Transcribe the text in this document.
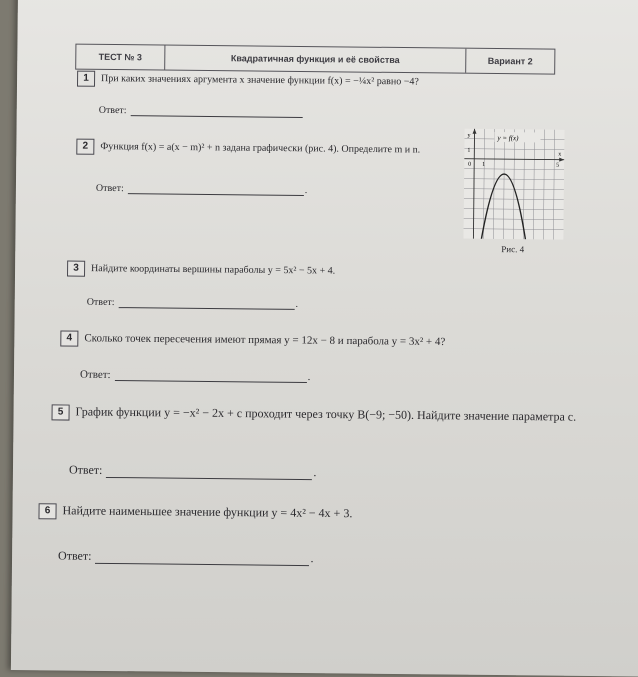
ТЕСТ № 3	Квадратичная функция и её свойства	Вариант 2
1 При каких значениях аргумента x значение функции f(x) = −¼x² равно −4?
Ответ:
2 Функция f(x) = a(x − m)² + n задана графически (рис. 4). Определите m и n.
Ответ:	.
y
x
1
0 1	5
y = f(x)
Рис. 4
3 Найдите координаты вершины параболы y = 5x² − 5x + 4.
Ответ:	.
4 Сколько точек пересечения имеют прямая y = 12x − 8 и парабола y = 3x² + 4?
Ответ:	.
5 График функции y = −x² − 2x + c проходит через точку B(−9; −50). Найдите значение параметра c.
Ответ:	.
6 Найдите наименьшее значение функции y = 4x² − 4x + 3.
Ответ:	.
